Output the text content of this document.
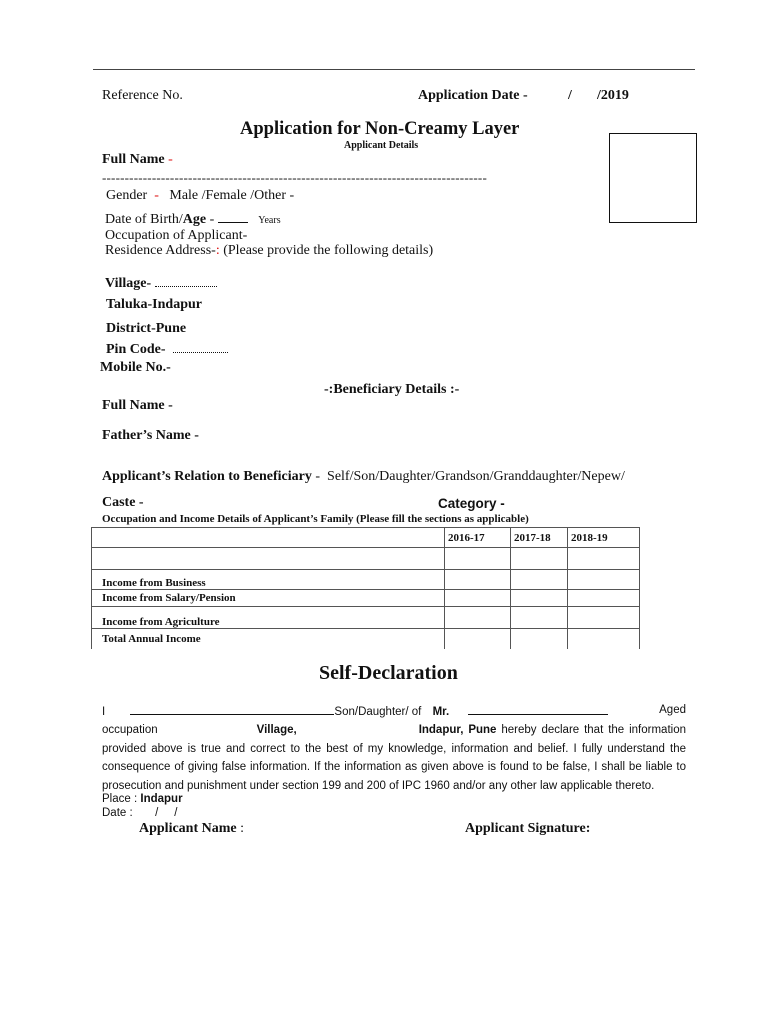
Reference No.	Application Date -	/ /2019
Application for Non-Creamy Layer
Applicant Details
Full Name -
-------------------------------------------------------------------------------------
Gender - Male /Female /Other -
Date of Birth/Age -	Years
Occupation of Applicant-
Residence Address-: (Please provide the following details)
Village-
Taluka-Indapur
District-Pune
Pin Code-
Mobile No.-
-:Beneficiary Details :-
Full Name -
Father’s Name -
Applicant’s Relation to Beneficiary - Self/Son/Daughter/Grandson/Granddaughter/Nepew/
Caste -	Category -
Occupation and Income Details of Applicant’s Family (Please fill the sections as applicable)
	2016-17	2017-18	2018-19

Income from Business			
Income from Salary/Pension			
Income from Agriculture			
Total Annual Income			
Self-Declaration
I	Son/Daughter/ of Mr.	Aged
occupation	Village,	Indapur, Pune hereby declare that the information provided above is true and correct to the best of my knowledge, information and belief. I fully understand the consequence of giving false information. If the information as given above is found to be false, I shall be liable to prosecution and punishment under section 199 and 200 of IPC 1960 and/or any other law applicable thereto.
Place : Indapur
Date : /     /
Applicant Name :	Applicant Signature:
